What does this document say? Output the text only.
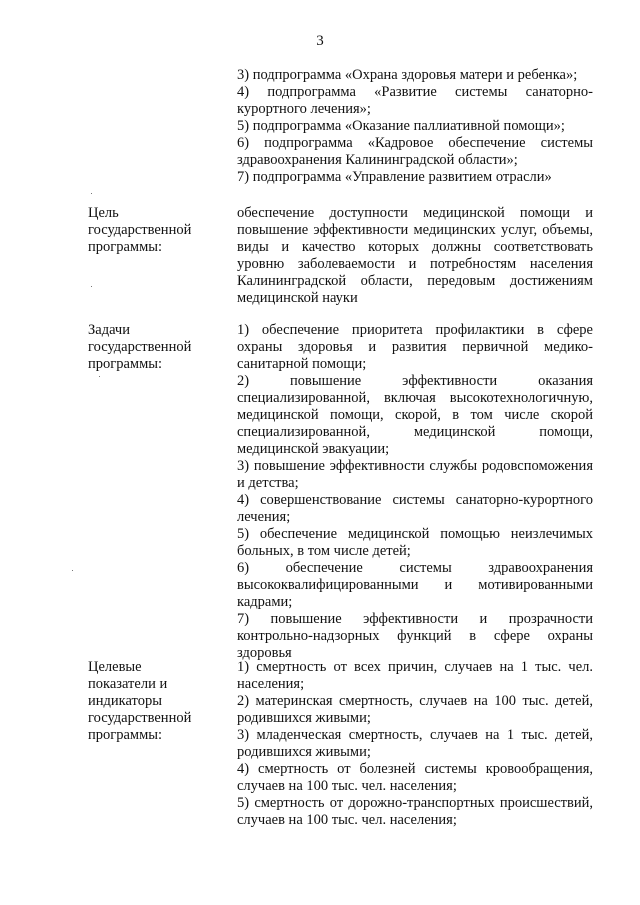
3

3) подпрограмма «Охрана здоровья матери и ребенка»;

4) подпрограмма «Развитие системы санаторно-курортного лечения»;

5) подпрограмма «Оказание паллиативной помощи»;

6) подпрограмма «Кадровое обеспечение системы здравоохранения Калининградской области»;

7) подпрограмма «Управление развитием отрасли»

Цель государственной программы:

обеспечение доступности медицинской помощи и повышение эффективности медицинских услуг, объемы, виды и качество которых должны соответствовать уровню заболеваемости и потребностям населения Калининградской области, передовым достижениям медицинской науки

Задачи государственной программы:

1) обеспечение приоритета профилактики в сфере охраны здоровья и развития первичной медико-санитарной помощи;

2) повышение эффективности оказания специализированной, включая высокотехнологичную, медицинской помощи, скорой, в том числе скорой специализированной, медицинской помощи, медицинской эвакуации;

3) повышение эффективности службы родовспоможения и детства;

4) совершенствование системы санаторно-курортного лечения;

5) обеспечение медицинской помощью неизлечимых больных, в том числе детей;

6) обеспечение системы здравоохранения высококвалифицированными и мотивированными кадрами;

7) повышение эффективности и прозрачности контрольно-надзорных функций в сфере охраны здоровья

Целевые показатели и индикаторы государственной программы:

1) смертность от всех причин, случаев на 1 тыс. чел. населения;

2) материнская смертность, случаев на 100 тыс. детей, родившихся живыми;

3) младенческая смертность, случаев на 1 тыс. детей, родившихся живыми;

4) смертность от болезней системы кровообращения, случаев на 100 тыс. чел. населения;

5) смертность от дорожно-транспортных происшествий, случаев на 100 тыс. чел. населения;
